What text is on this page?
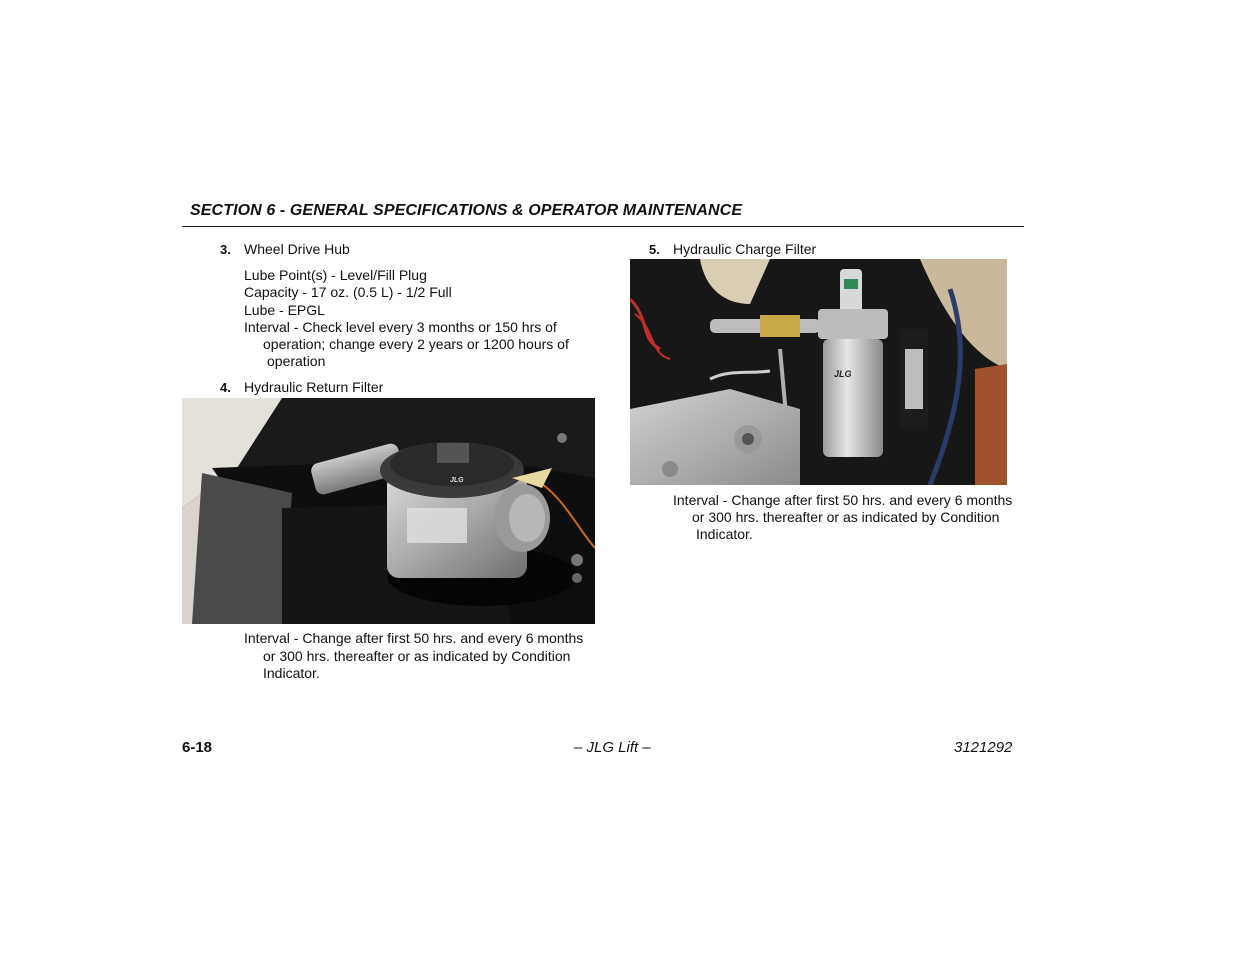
SECTION 6 - GENERAL SPECIFICATIONS & OPERATOR MAINTENANCE
3. Wheel Drive Hub
Lube Point(s) - Level/Fill Plug
Capacity - 17 oz. (0.5 L) - 1/2 Full
Lube - EPGL
Interval - Check level every 3 months or 150 hrs of
operation; change every 2 years or 1200 hours of
operation
4. Hydraulic Return Filter
JLG
Interval - Change after first 50 hrs. and every 6 months
or 300 hrs. thereafter or as indicated by Condition
Indicator.
5. Hydraulic Charge Filter
JLG
Interval - Change after first 50 hrs. and every 6 months
or 300 hrs. thereafter or as indicated by Condition
Indicator.
6-18	– JLG Lift –	3121292
